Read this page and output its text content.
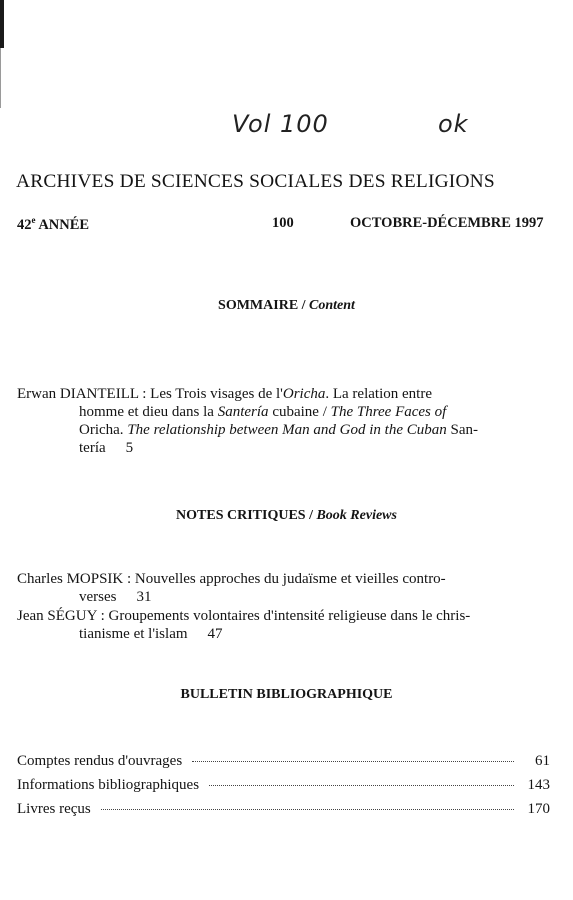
Vol 100	ok
ARCHIVES DE SCIENCES SOCIALES DES RELIGIONS
42e ANNÉE	100	OCTOBRE-DÉCEMBRE 1997
SOMMAIRE / Content
Erwan DIANTEILL : Les Trois visages de l'Oricha. La relation entre
homme et dieu dans la Santería cubaine / The Three Faces of
Oricha. The relationship between Man and God in the Cuban San-
tería 5
NOTES CRITIQUES / Book Reviews
Charles MOPSIK : Nouvelles approches du judaïsme et vieilles contro-
verses 31
Jean SÉGUY : Groupements volontaires d'intensité religieuse dans le chris-
tianisme et l'islam 47
BULLETIN BIBLIOGRAPHIQUE
Comptes rendus d'ouvrages	61
Informations bibliographiques	143
Livres reçus	170
